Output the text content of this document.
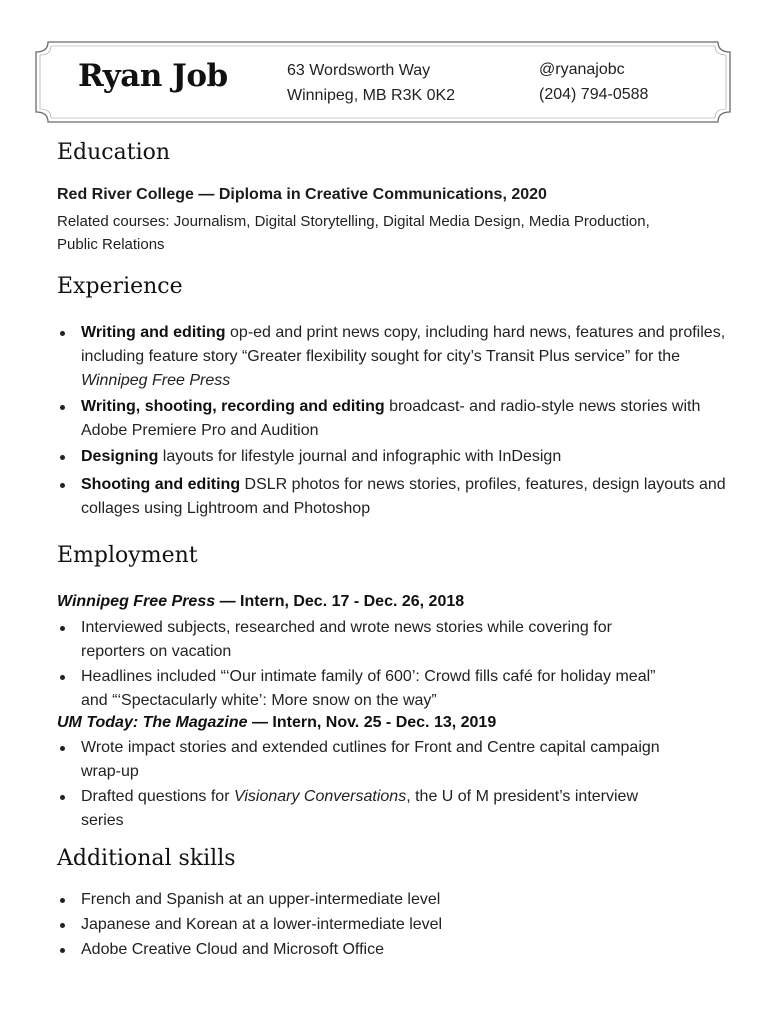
Ryan Job	63 Wordsworth Way
Winnipeg, MB R3K 0K2
@ryanajobc
(204) 794-0588
Education
Red River College — Diploma in Creative Communications, 2020
Related courses: Journalism, Digital Storytelling, Digital Media Design, Media Production, Public Relations
Experience
Writing and editing op-ed and print news copy, including hard news, features and profiles, including feature story “Greater flexibility sought for city’s Transit Plus service” for the Winnipeg Free Press
Writing, shooting, recording and editing broadcast- and radio-style news stories with Adobe Premiere Pro and Audition
Designing layouts for lifestyle journal and infographic with InDesign
Shooting and editing DSLR photos for news stories, profiles, features, design layouts and collages using Lightroom and Photoshop
Employment
Winnipeg Free Press — Intern, Dec. 17 - Dec. 26, 2018
Interviewed subjects, researched and wrote news stories while covering for reporters on vacation
Headlines included “‘Our intimate family of 600’: Crowd fills café for holiday meal” and “‘Spectacularly white’: More snow on the way”
UM Today: The Magazine — Intern, Nov. 25 - Dec. 13, 2019
Wrote impact stories and extended cutlines for Front and Centre capital campaign wrap-up
Drafted questions for Visionary Conversations, the U of M president’s interview series
Additional skills
French and Spanish at an upper-intermediate level
Japanese and Korean at a lower-intermediate level
Adobe Creative Cloud and Microsoft Office
